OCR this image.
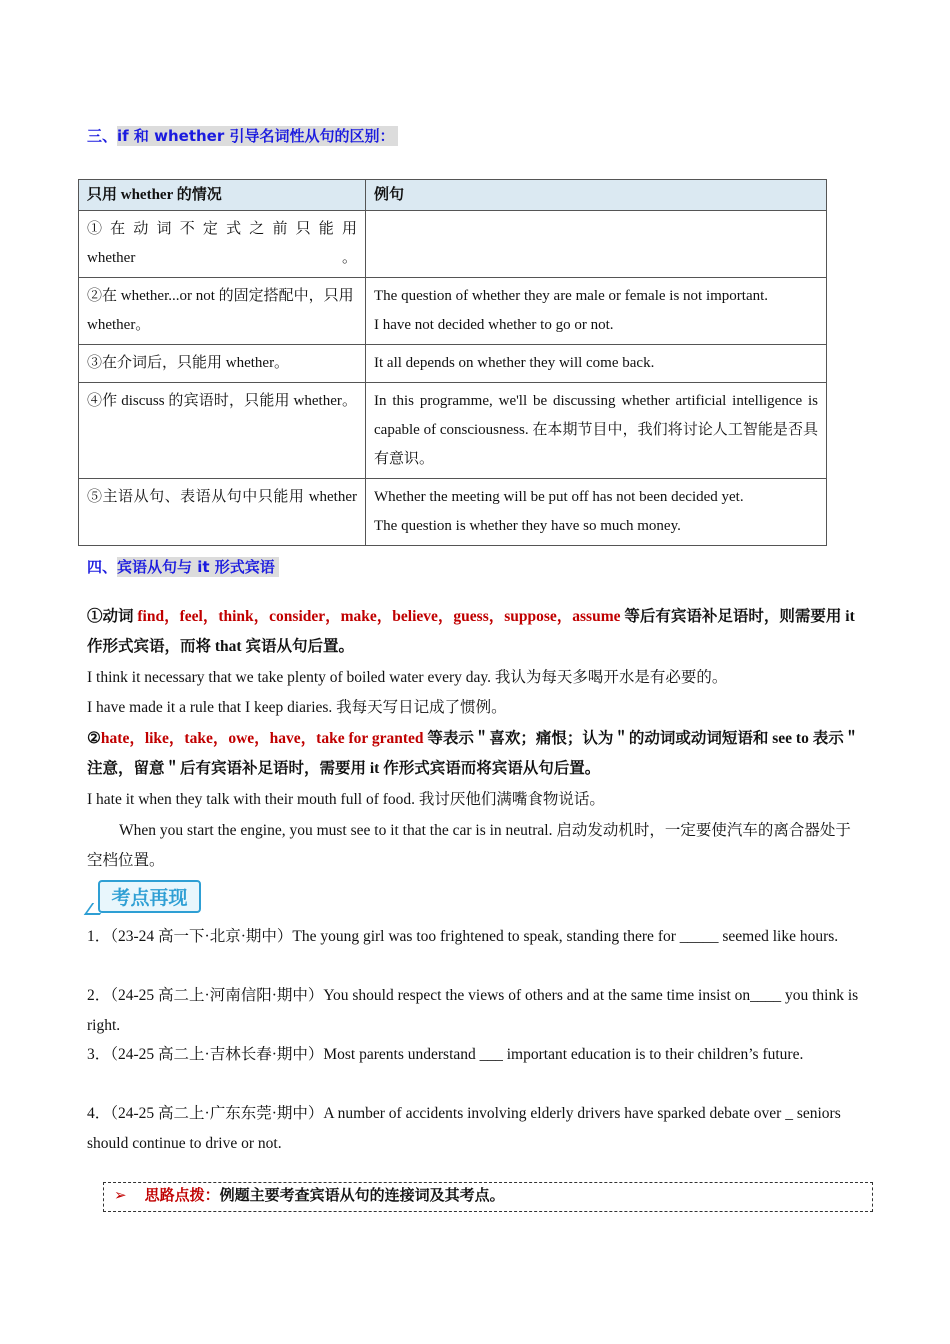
三、if 和 whether 引导名词性从句的区别：
只用 whether 的情况	例句
① 在 动 词 不 定 式 之 前 只 能 用 whether。	
②在 whether...or not 的固定搭配中，只用 whether。	The question of whether they are male or female is not important.
I have not decided whether to go or not.

③在介词后，只能用 whether。	It all depends on whether they will come back.
④作 discuss 的宾语时，只能用 whether。	In this programme, we'll be discussing whether artificial intelligence is capable of consciousness. 在本期节目中，我们将讨论人工智能是否具有意识。
⑤主语从句、表语从句中只能用 whether	Whether the meeting will be put off has not been decided yet.
The question is whether they have so much money.
四、宾语从句与 it 形式宾语
①动词 find，feel，think，consider，make，believe，guess，suppose，assume 等后有宾语补足语时，则需要用 it 作形式宾语，而将 that 宾语从句后置。
I think it necessary that we take plenty of boiled water every day. 我认为每天多喝开水是有必要的。
I have made it a rule that I keep diaries. 我每天写日记成了惯例。
②hate，like，take，owe，have，take for granted 等表示＂喜欢；痛恨；认为＂的动词或动词短语和 see to 表示＂注意，留意＂后有宾语补足语时，需要用 it 作形式宾语而将宾语从句后置。
I hate it when they talk with their mouth full of food. 我讨厌他们满嘴食物说话。
When you start the engine, you must see to it that the car is in neutral. 启动发动机时，一定要使汽车的离合器处于空档位置。
考点再现
1．（23-24 高一下·北京·期中）The young girl was too frightened to speak, standing there for _____ seemed like hours.
2．（24-25 高二上·河南信阳·期中）You should respect the views of others and at the same time insist on____ you think is right.
3．（24-25 高二上·吉林长春·期中）Most parents understand ___ important education is to their children’s future.
4．（24-25 高二上·广东东莞·期中）A number of accidents involving elderly drivers have sparked debate over _ seniors should continue to drive or not.
➢ 思路点拨：例题主要考查宾语从句的连接词及其考点。
